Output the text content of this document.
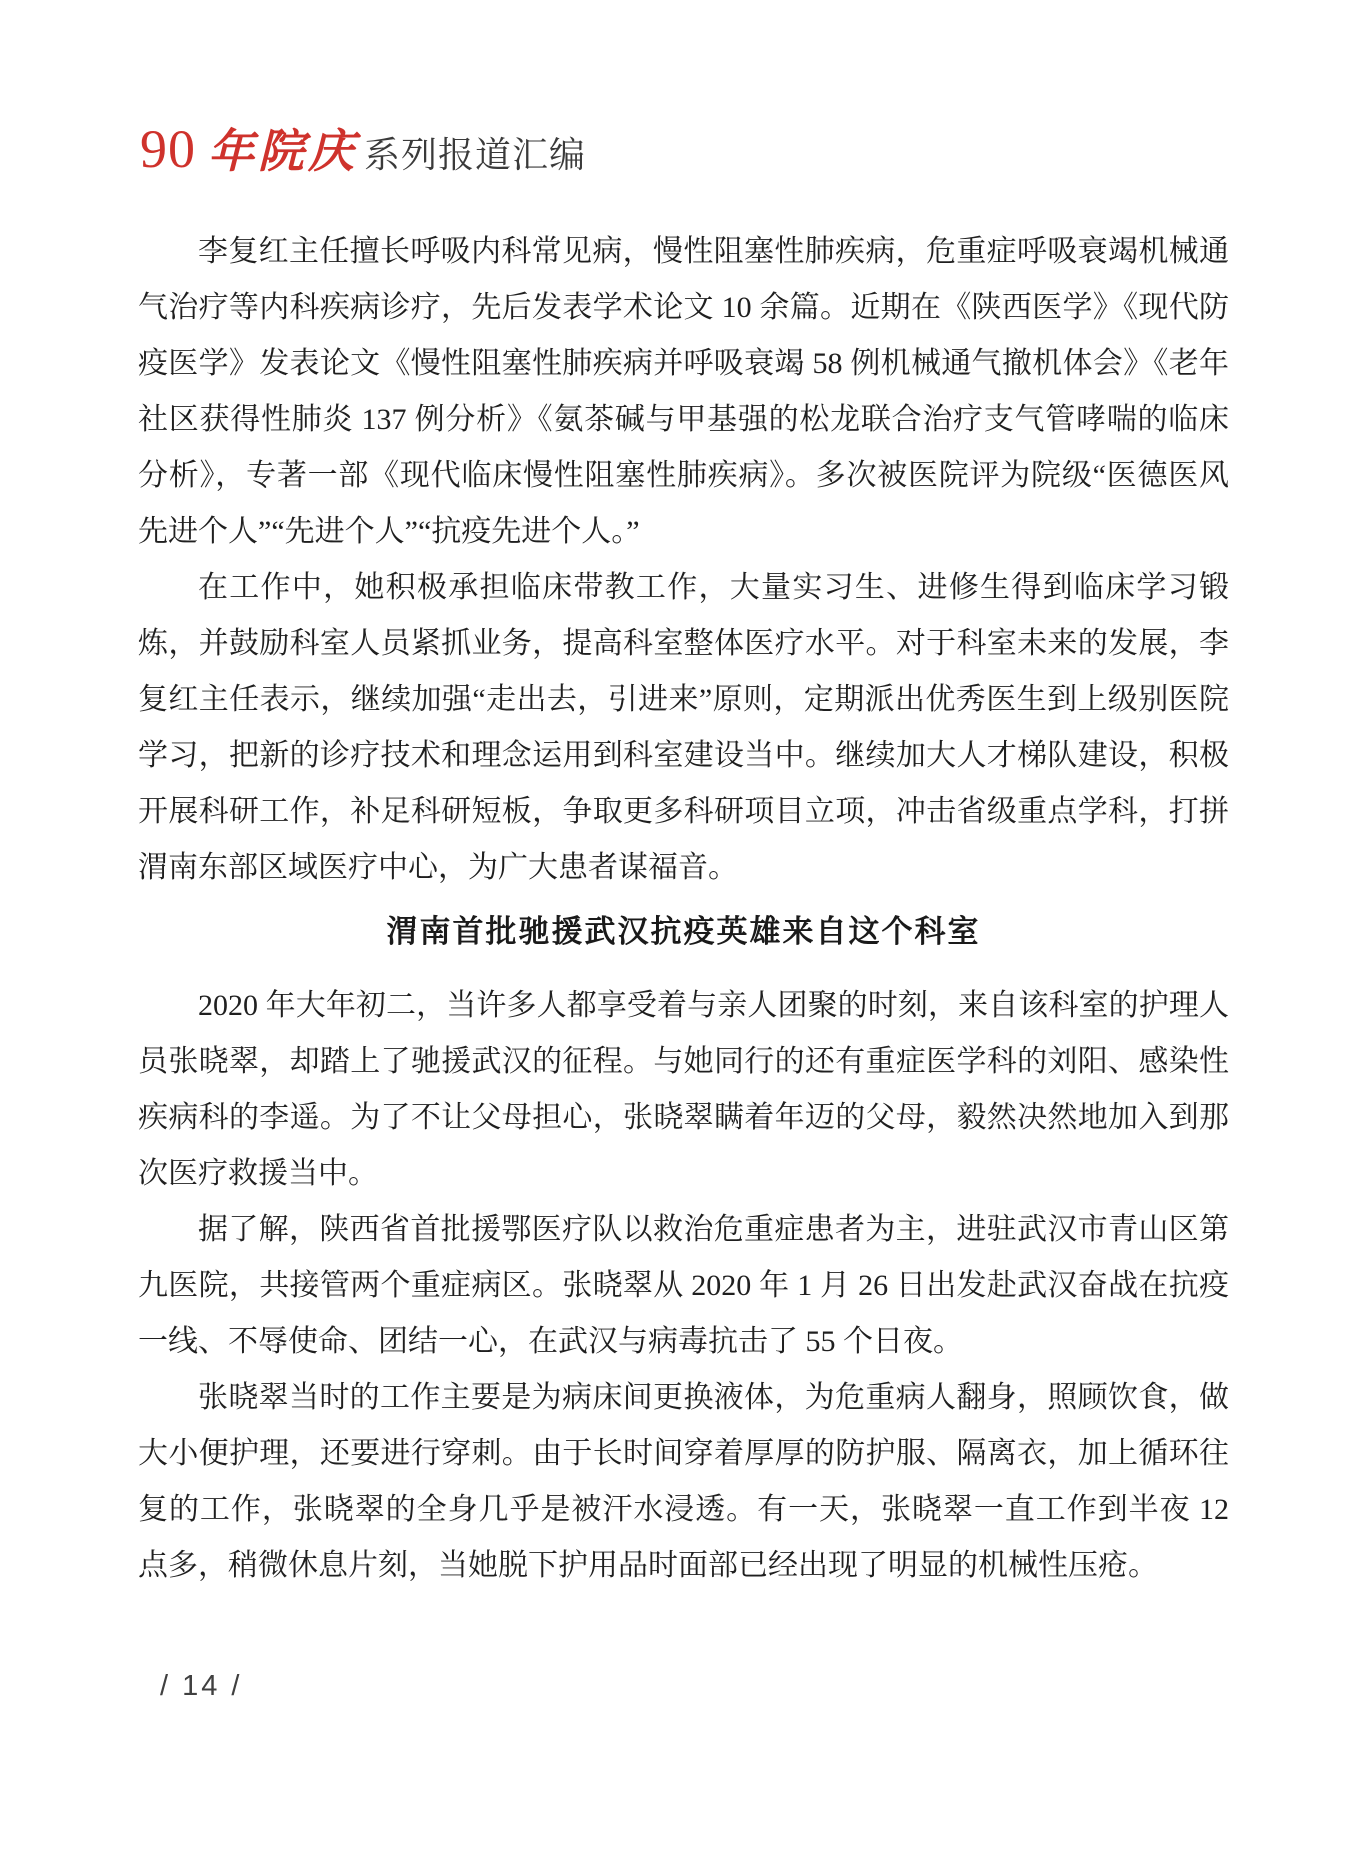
90 年院庆 系列报道汇编

李复红主任擅长呼吸内科常见病，慢性阻塞性肺疾病，危重症呼吸衰竭机械通气治疗等内科疾病诊疗，先后发表学术论文 10 余篇。近期在《陕西医学》《现代防疫医学》发表论文《慢性阻塞性肺疾病并呼吸衰竭 58 例机械通气撤机体会》《老年社区获得性肺炎 137 例分析》《氨茶碱与甲基强的松龙联合治疗支气管哮喘的临床分析》，专著一部《现代临床慢性阻塞性肺疾病》。多次被医院评为院级“医德医风先进个人”“先进个人”“抗疫先进个人。”

在工作中，她积极承担临床带教工作，大量实习生、进修生得到临床学习锻炼，并鼓励科室人员紧抓业务，提高科室整体医疗水平。对于科室未来的发展，李复红主任表示，继续加强“走出去，引进来”原则，定期派出优秀医生到上级别医院学习，把新的诊疗技术和理念运用到科室建设当中。继续加大人才梯队建设，积极开展科研工作，补足科研短板，争取更多科研项目立项，冲击省级重点学科，打拼渭南东部区域医疗中心，为广大患者谋福音。

渭南首批驰援武汉抗疫英雄来自这个科室

2020 年大年初二，当许多人都享受着与亲人团聚的时刻，来自该科室的护理人员张晓翠，却踏上了驰援武汉的征程。与她同行的还有重症医学科的刘阳、感染性疾病科的李遥。为了不让父母担心，张晓翠瞒着年迈的父母，毅然决然地加入到那次医疗救援当中。

据了解，陕西省首批援鄂医疗队以救治危重症患者为主，进驻武汉市青山区第九医院，共接管两个重症病区。张晓翠从 2020 年 1 月 26 日出发赴武汉奋战在抗疫一线、不辱使命、团结一心，在武汉与病毒抗击了 55 个日夜。

张晓翠当时的工作主要是为病床间更换液体，为危重病人翻身，照顾饮食，做大小便护理，还要进行穿刺。由于长时间穿着厚厚的防护服、隔离衣，加上循环往复的工作，张晓翠的全身几乎是被汗水浸透。有一天，张晓翠一直工作到半夜 12 点多，稍微休息片刻，当她脱下护用品时面部已经出现了明显的机械性压疮。

/ 14 /
